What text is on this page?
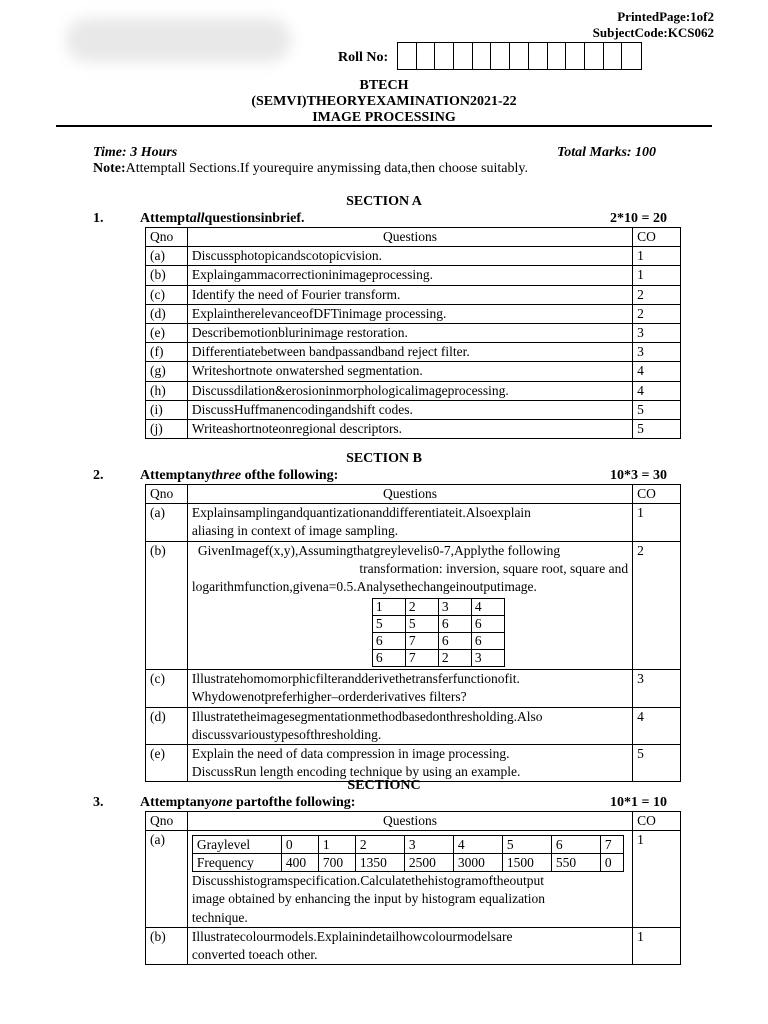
PrintedPage:1of2
SubjectCode:KCS062
Roll No:
BTECH
(SEMVI)THEORYEXAMINATION2021-22
IMAGE PROCESSING
Time: 3 Hours	Total Marks: 100
Note:Attemptall Sections.If yourequire anymissing data,then choose suitably.
SECTION A
1.	Attemptallquestionsinbrief.	2*10 = 20
Qno	Questions	CO
(a)	Discussphotopicandscotopicvision.	1
(b)	Explaingammacorrectioninimageprocessing.	1
(c)	Identify the need of Fourier transform.	2
(d)	ExplaintherelevanceofDFTinimage processing.	2
(e)	Describemotionblurinimage restoration.	3
(f)	Differentiatebetween bandpassandband reject filter.	3
(g)	Writeshortnote onwatershed segmentation.	4
(h)	Discussdilation&erosioninmorphologicalimageprocessing.	4
(i)	DiscussHuffmanencodingandshift codes.	5
(j)	Writeashortnoteonregional descriptors.	5
SECTION B
2.	Attemptanythree ofthe following:	10*3 = 30
Qno	Questions	CO
(a)	Explainsamplingandquantizationanddifferentiateit.Alsoexplain
aliasing in context of image sampling.
	1
(b)	GivenImagef(x,y),Assumingthatgreylevelis0-7,Applythe following
transformation: inversion, square root, square and
logarithmfunction,givena=0.5.Analysethechangeinoutputimage.
1	2	3	4
5	5	6	6
6	7	6	6
6	7	2	3
	2
(c)	Illustratehomomorphicfilterandderivethetransferfunctionofit.
Whydowenotpreferhigher–orderderivatives filters?
	3
(d)	Illustratetheimagesegmentationmethodbasedonthresholding.Also
discussvarioustypesofthresholding.
	4
(e)	Explain the need of data compression in image processing.
DiscussRun length encoding technique by using an example.
	5
SECTIONC
3.	Attemptanyone partofthe following:	10*1 = 10
Qno	Questions	CO
(a)	Graylevel	0	1	2	3	4	5	6	7
Frequency	400	700	1350	2500	3000	1500	550	0
Discusshistogramspecification.Calculatethehistogramoftheoutput
image obtained by enhancing the input by histogram equalization
technique.
	1
(b)	Illustratecolourmodels.Explainindetailhowcolourmodelsare
converted toeach other.
	1
